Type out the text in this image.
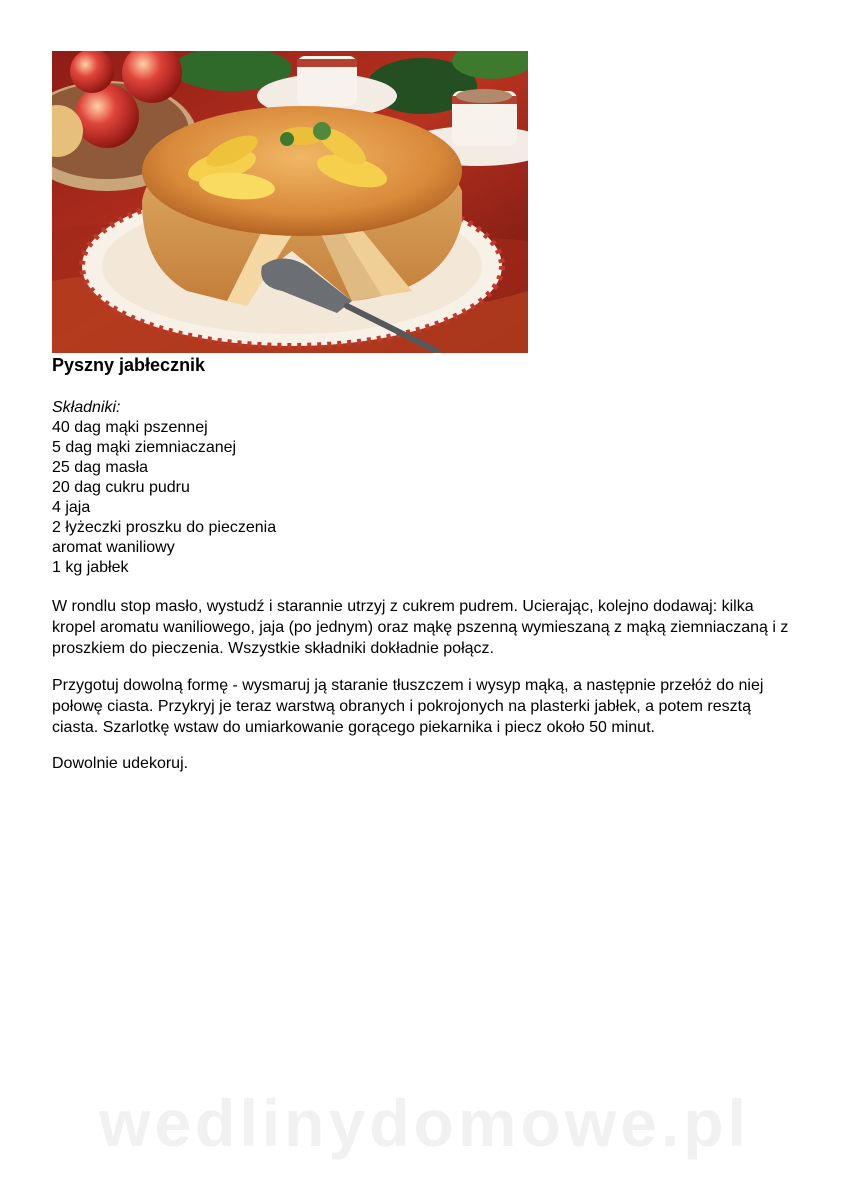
Pyszny jabłecznik
Składniki:
40 dag mąki pszennej
5 dag mąki ziemniaczanej
25 dag masła
20 dag cukru pudru
4 jaja
2 łyżeczki proszku do pieczenia
aromat waniliowy
1 kg jabłek

W rondlu stop masło, wystudź i starannie utrzyj z cukrem pudrem. Ucierając, kolejno dodawaj: kilka kropel aromatu waniliowego, jaja (po jednym) oraz mąkę pszenną wymieszaną z mąką ziemniaczaną i z proszkiem do pieczenia. Wszystkie składniki dokładnie połącz.

Przygotuj dowolną formę - wysmaruj ją staranie tłuszczem i wysyp mąką, a następnie przełóż do niej połowę ciasta. Przykryj je teraz warstwą obranych i pokrojonych na plasterki jabłek, a potem resztą ciasta. Szarlotkę wstaw do umiarkowanie gorącego piekarnika i piecz około 50 minut.

Dowolnie udekoruj.

wedlinydomowe.pl
